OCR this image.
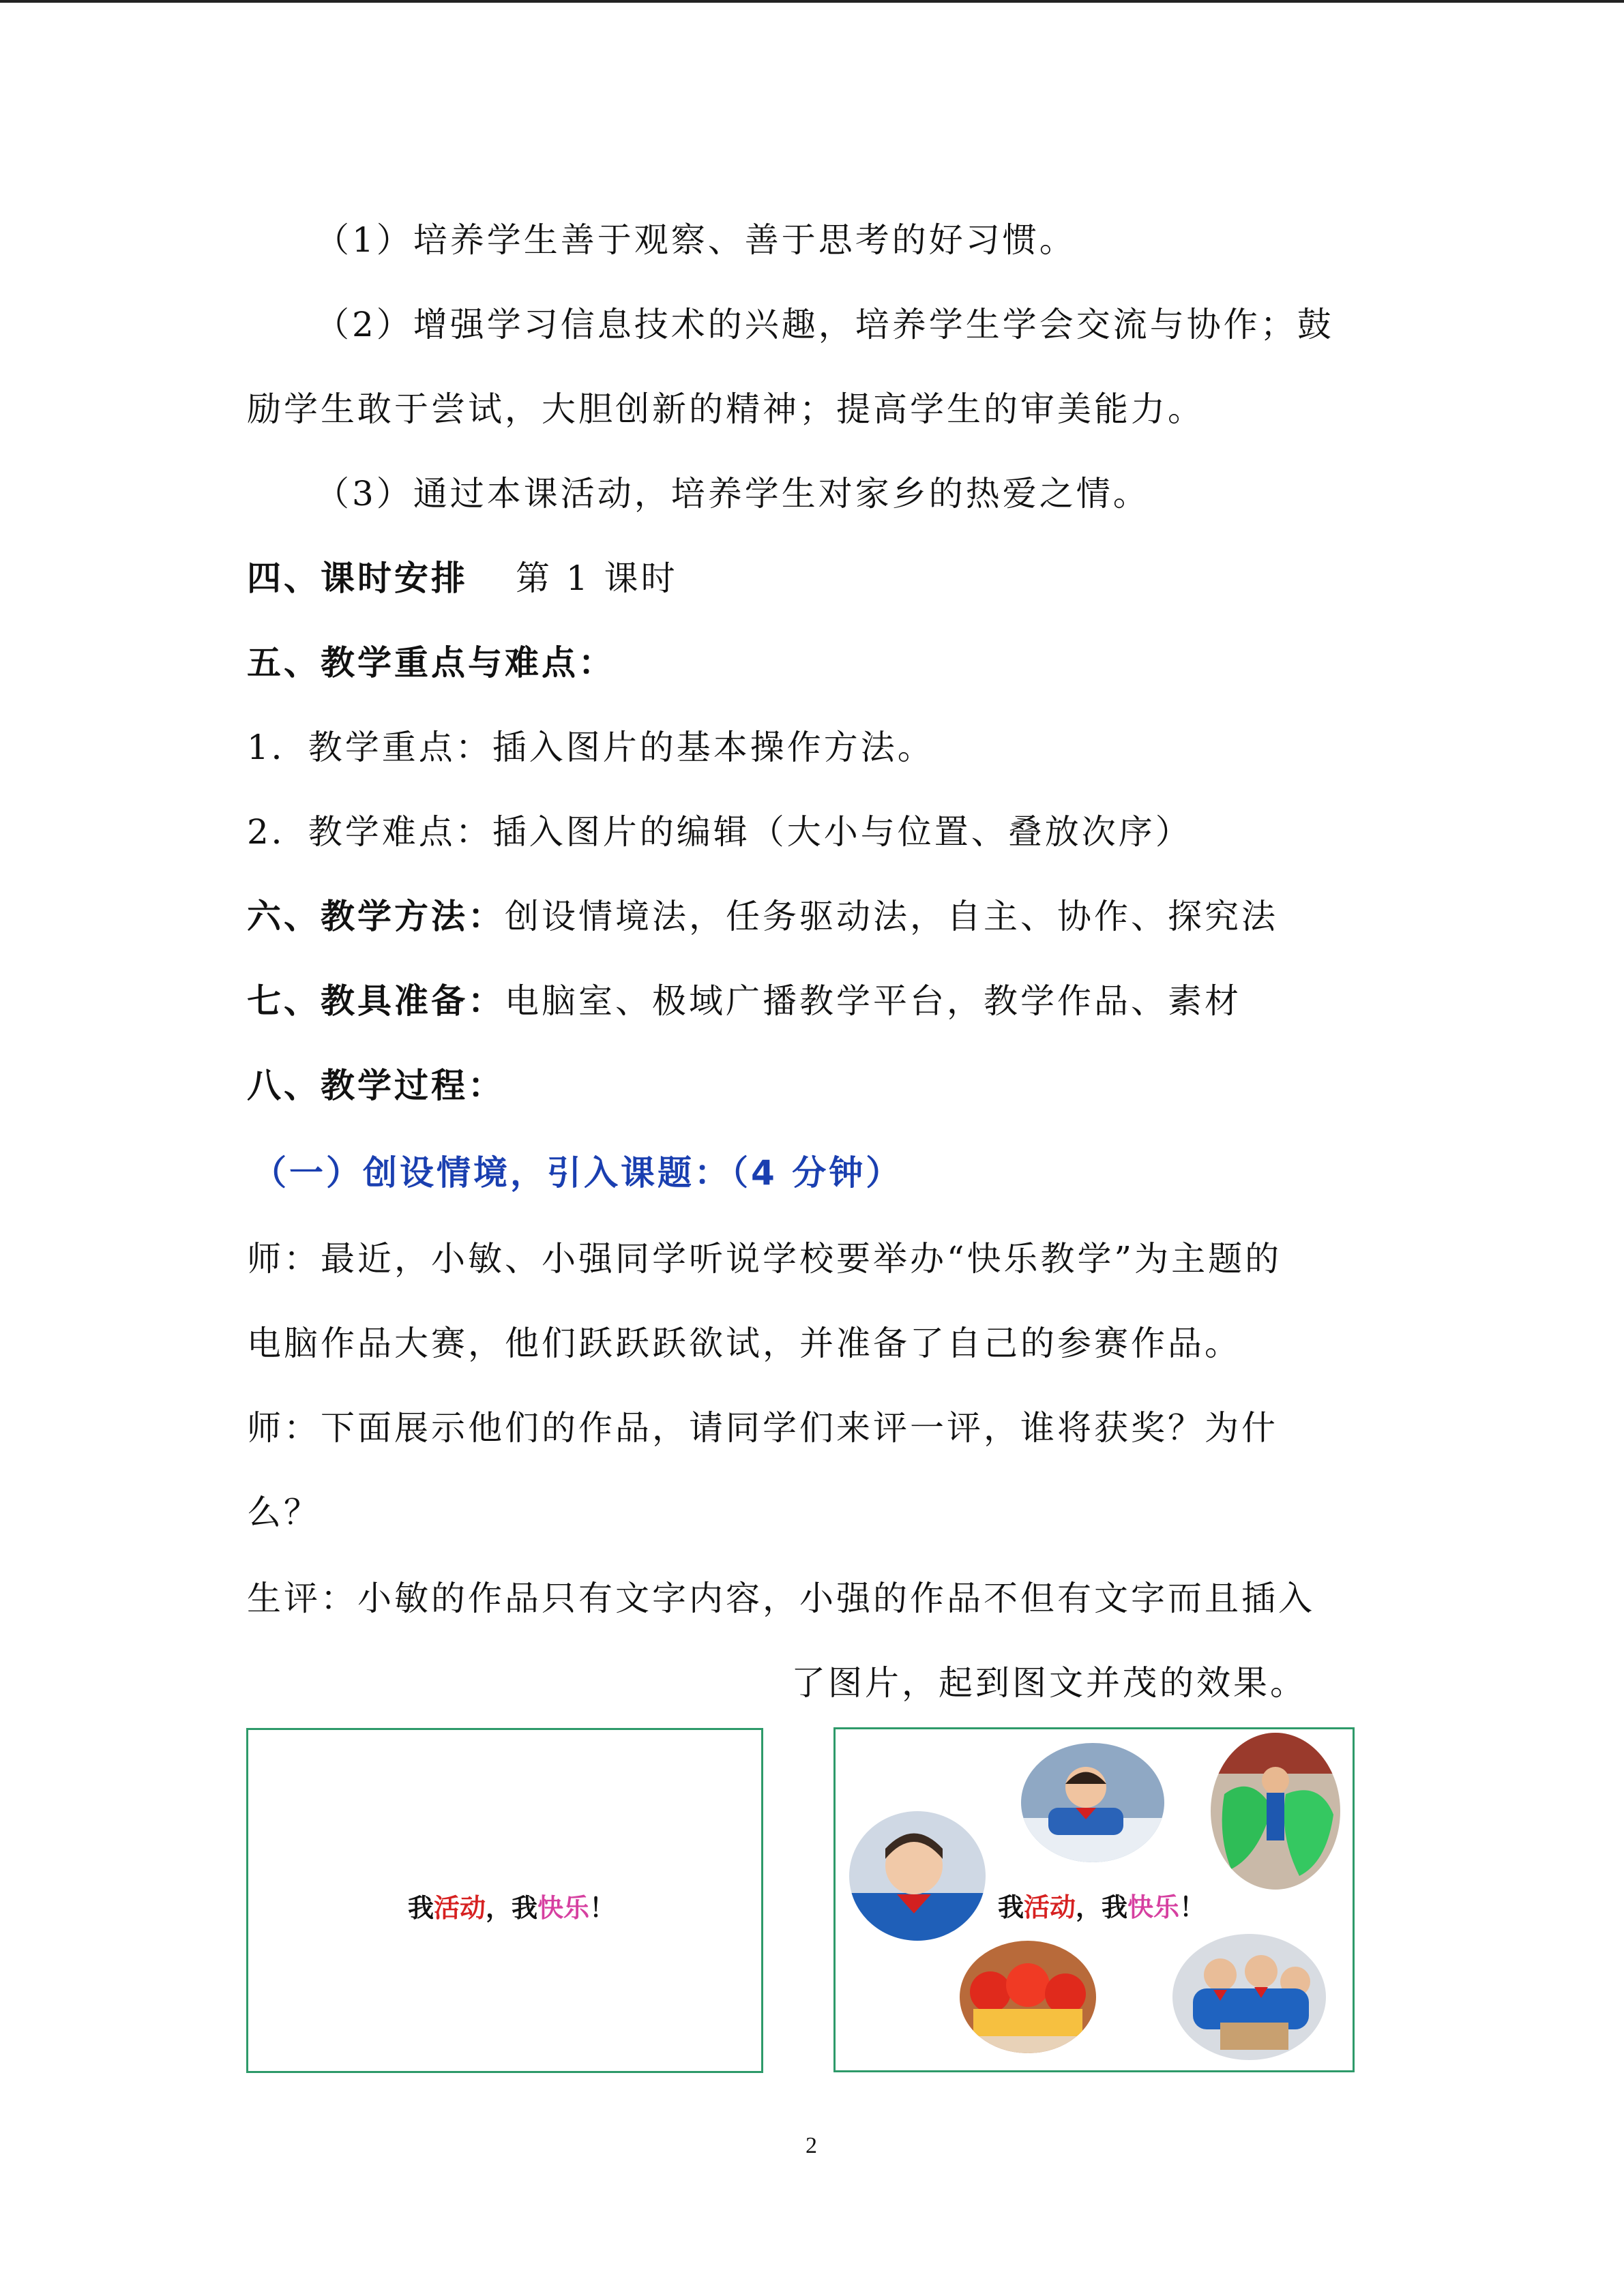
（1）培养学生善于观察、善于思考的好习惯。
（2）增强学习信息技术的兴趣，培养学生学会交流与协作；鼓
励学生敢于尝试，大胆创新的精神；提高学生的审美能力。
（3）通过本课活动，培养学生对家乡的热爱之情。
四、课时安排 第 1 课时
五、教学重点与难点：
1．教学重点：插入图片的基本操作方法。
2．教学难点：插入图片的编辑（大小与位置、叠放次序）
六、教学方法：创设情境法，任务驱动法，自主、协作、探究法
七、教具准备：电脑室、极域广播教学平台，教学作品、素材
八、教学过程：
（一）创设情境，引入课题：（4 分钟）
师：最近，小敏、小强同学听说学校要举办“快乐教学”为主题的
电脑作品大赛，他们跃跃跃欲试，并准备了自己的参赛作品。
师：下面展示他们的作品，请同学们来评一评，谁将获奖？为什
么？
生评：小敏的作品只有文字内容，小强的作品不但有文字而且插入
了图片，起到图文并茂的效果。
我活动，我快乐！	我活动，我快乐！
2
